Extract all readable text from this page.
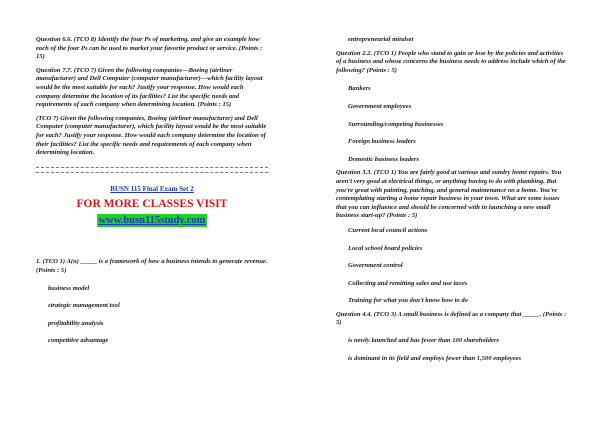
Question 6.6. (TCO 8) Identify the four Ps of marketing, and give an example how each of the four Ps can be used to market your favorite product or service. (Points : 15)

Question 7.7. (TCO 7) Given the following companies—Boeing (airliner manufacturer) and Dell Computer (computer manufacturer)—which facility layout would be the most suitable for each? Justify your response. How would each company determine the location of its facilities? List the specific needs and requirements of each company when determining location. (Points : 15)

(TCO 7) Given the following companies, Boeing (airliner manufacturer) and Dell Computer (computer manufacturer), which facility layout would be the most suitable for each? Justify your response. How would each company determine the location of their facilities? List the specific needs and requirements of each company when determining location.

BUSN 115 Final Exam Set 2
FOR MORE CLASSES VISIT
www.busn115study.com

1. (TCO 1) A(n) _____ is a framework of how a business intends to generate revenue. (Points : 5)

business model

strategic management tool

profitability analysis

competitive advantage

entrepreneurial mindset

Question 2.2. (TCO 1) People who stand to gain or lose by the policies and activities of a business and whose concerns the business needs to address include which of the following? (Points : 5)

Bankers

Government employees

Surrounding/competing businesses

Foreign business leaders

Domestic business leaders

Question 3.3. (TCO 1) You are fairly good at various and sundry home repairs. You aren't very good at electrical things, or anything having to do with plumbing. But you're great with painting, patching, and general maintenance on a home. You're contemplating starting a home repair business in your town. What are some issues that you can influence and should be concerned with in launching a new small business start-up? (Points : 5)

Current local council actions

Local school board policies

Government control

Collecting and remitting sales and use taxes

Training for what you don't know how to do

Question 4.4. (TCO 3) A small business is defined as a company that _____. (Points : 5)

is newly launched and has fewer than 100 shareholders

is dominant in its field and employs fewer than 1,500 employees
